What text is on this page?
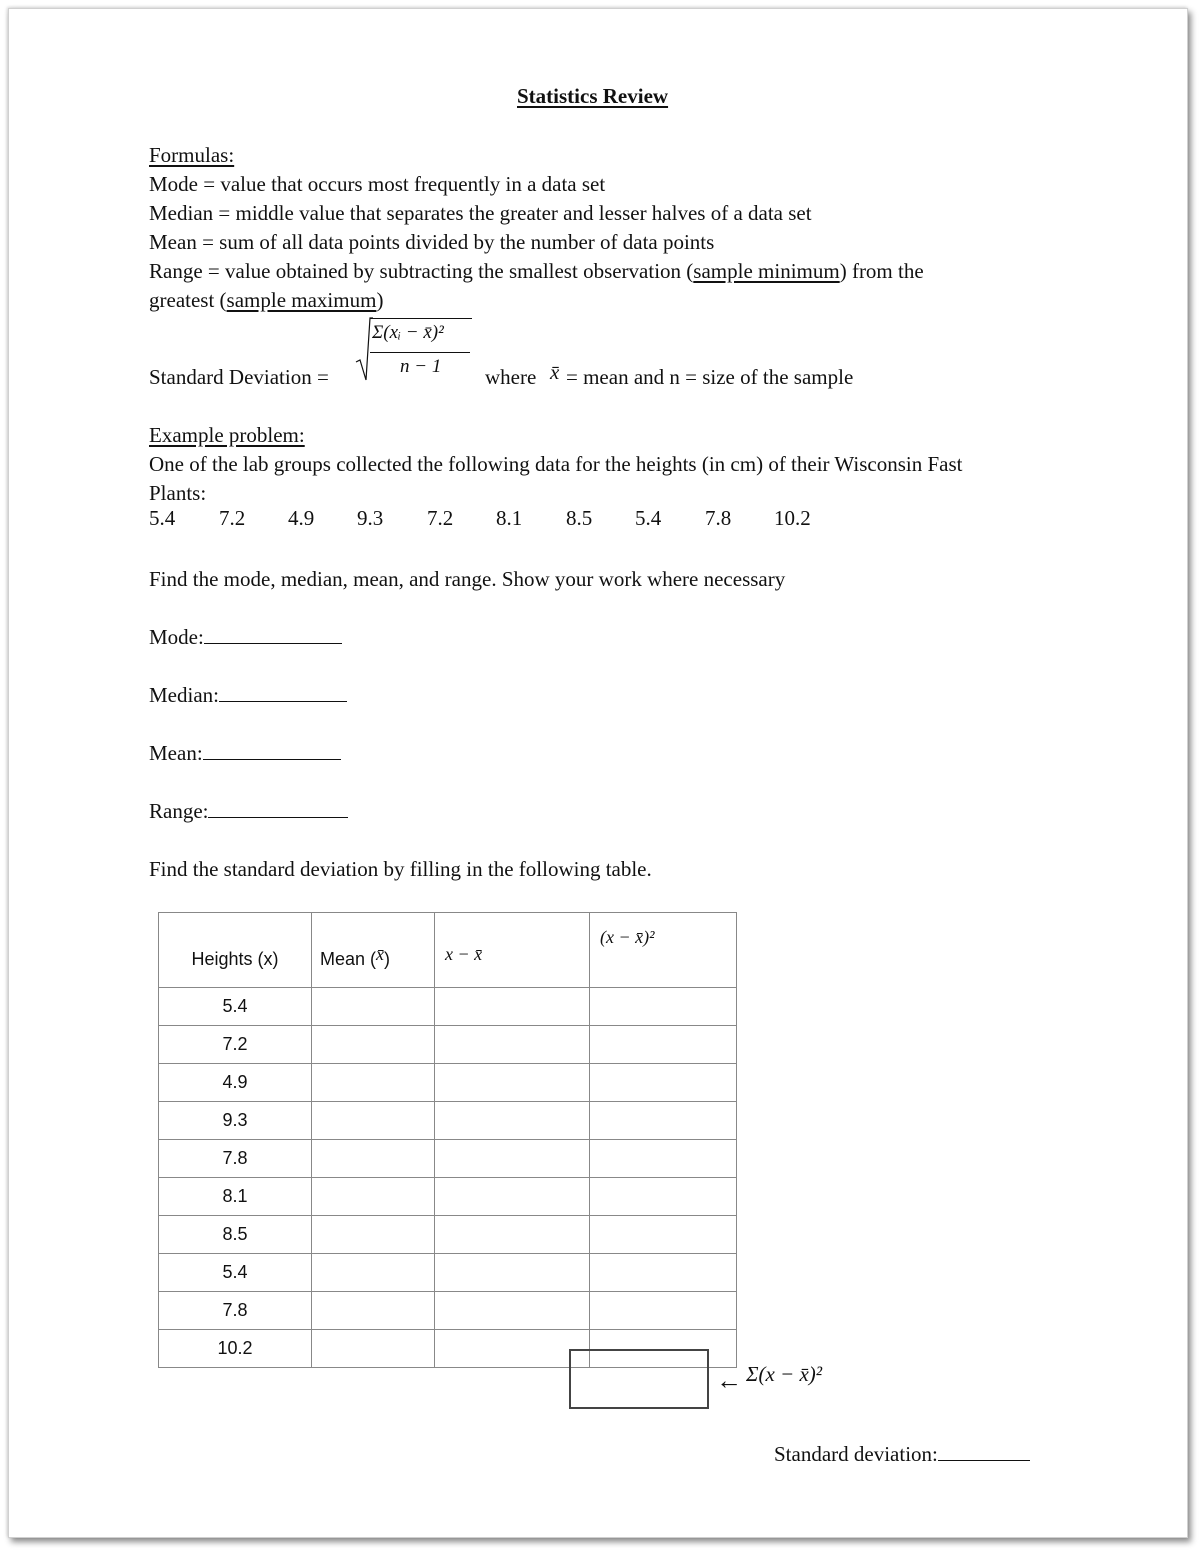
Statistics Review
Formulas:
Mode = value that occurs most frequently in a data set
Median = middle value that separates the greater and lesser halves of a data set
Mean = sum of all data points divided by the number of data points
Range = value obtained by subtracting the smallest observation (sample minimum) from the
greatest (sample maximum)
Standard Deviation =
Σ(xᵢ − x̄)²
n − 1 where x̄ = mean and n = size of the sample
Example problem:
One of the lab groups collected the following data for the heights (in cm) of their Wisconsin Fast
Plants:
5.4 7.2 4.9 9.3 7.2 8.1 8.5 5.4 7.8 10.2
Find the mode, median, mean, and range. Show your work where necessary
Mode:
Median:
Mean:
Range:
Find the standard deviation by filling in the following table.
Heights (x)	Mean (x̄)	x − x̄	(x − x̄)²
5.4			
7.2			
4.9			
9.3			
7.8			
8.1			
8.5			
5.4			
7.8			
10.2			
← Σ(x − x̄)²
Standard deviation:
